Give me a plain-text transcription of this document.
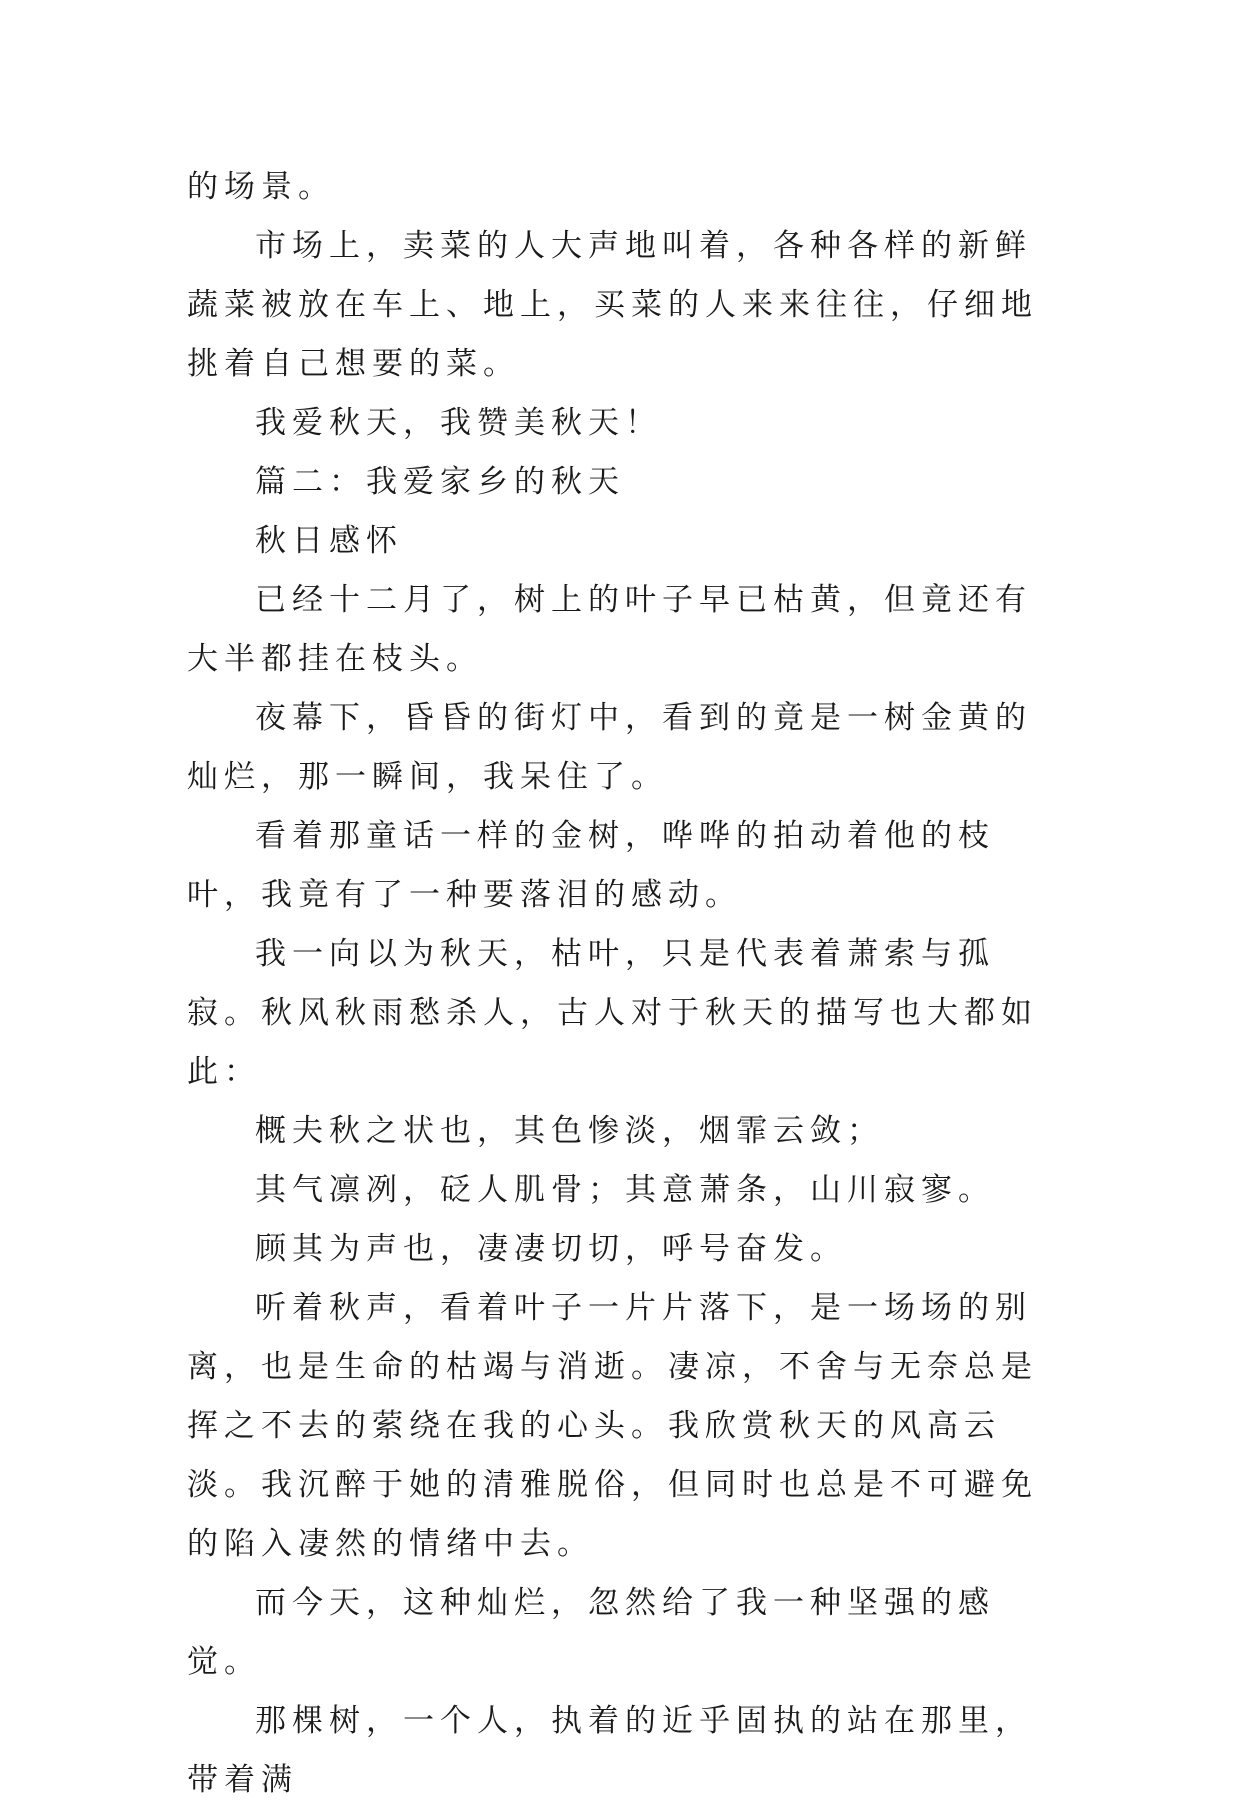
的场景。

市场上，卖菜的人大声地叫着，各种各样的新鲜蔬菜被放在车上、地上，买菜的人来来往往，仔细地挑着自己想要的菜。

我爱秋天，我赞美秋天！

篇二：我爱家乡的秋天

秋日感怀

已经十二月了，树上的叶子早已枯黄，但竟还有大半都挂在枝头。

夜幕下，昏昏的街灯中，看到的竟是一树金黄的灿烂，那一瞬间，我呆住了。

看着那童话一样的金树，哗哗的拍动着他的枝叶，我竟有了一种要落泪的感动。

我一向以为秋天，枯叶，只是代表着萧索与孤寂。秋风秋雨愁杀人，古人对于秋天的描写也大都如此：

概夫秋之状也，其色惨淡，烟霏云敛；

其气凛冽，砭人肌骨；其意萧条，山川寂寥。

顾其为声也，凄凄切切，呼号奋发。

听着秋声，看着叶子一片片落下，是一场场的别离，也是生命的枯竭与消逝。凄凉，不舍与无奈总是挥之不去的萦绕在我的心头。我欣赏秋天的风高云淡。我沉醉于她的清雅脱俗，但同时也总是不可避免的陷入凄然的情绪中去。

而今天，这种灿烂，忽然给了我一种坚强的感觉。

那棵树，一个人，执着的近乎固执的站在那里，带着满
